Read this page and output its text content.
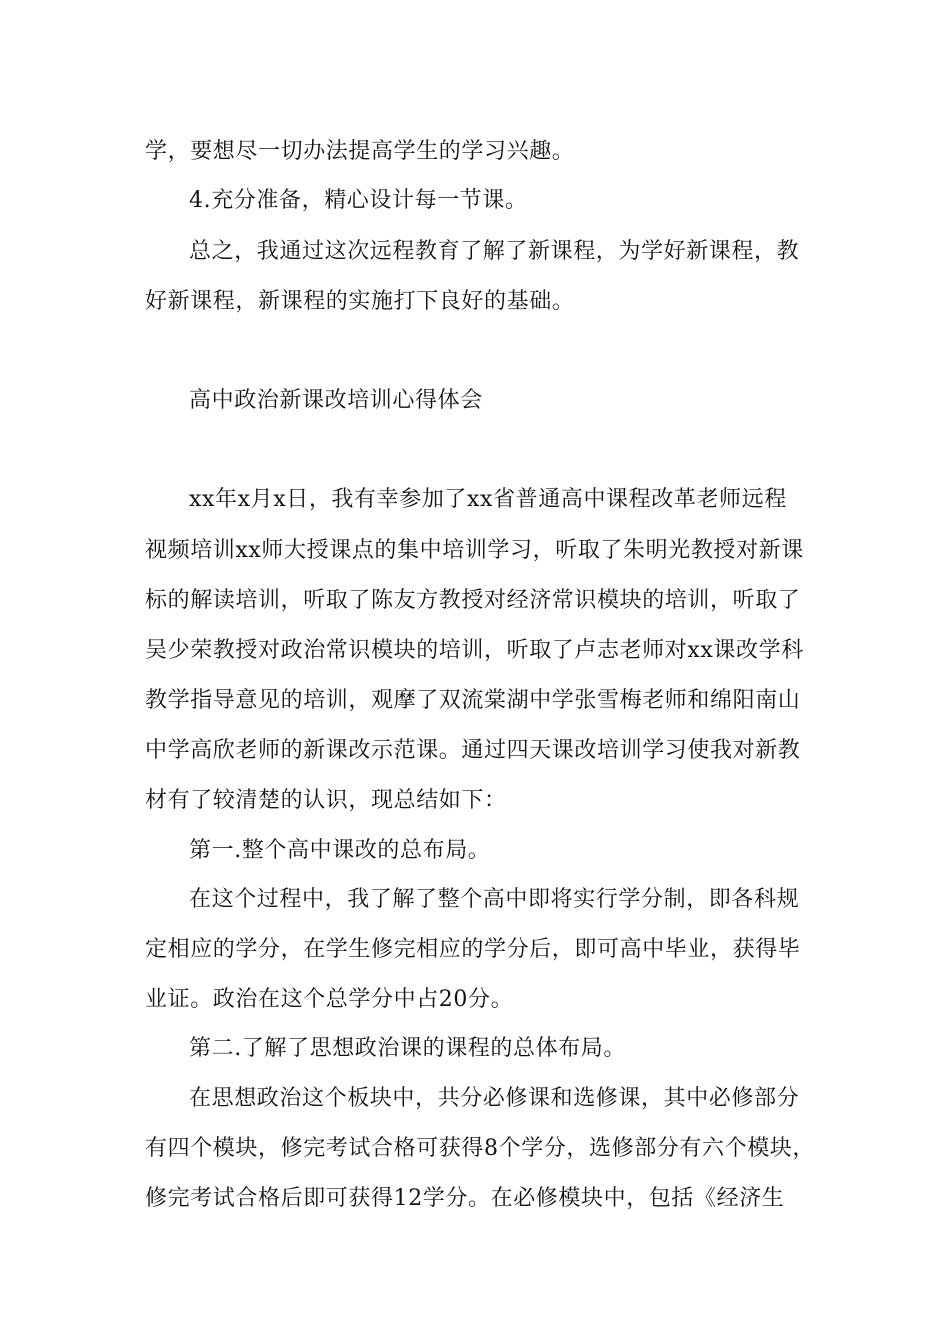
学，要想尽一切办法提高学生的学习兴趣。
4.充分准备，精心设计每一节课。
总之，我通过这次远程教育了解了新课程，为学好新课程，教
好新课程，新课程的实施打下良好的基础。
高中政治新课改培训心得体会
xx年x月x日，我有幸参加了xx省普通高中课程改革老师远程
视频培训xx师大授课点的集中培训学习，听取了朱明光教授对新课
标的解读培训，听取了陈友方教授对经济常识模块的培训，听取了
吴少荣教授对政治常识模块的培训，听取了卢志老师对xx课改学科
教学指导意见的培训，观摩了双流棠湖中学张雪梅老师和绵阳南山
中学高欣老师的新课改示范课。通过四天课改培训学习使我对新教
材有了较清楚的认识，现总结如下：
第一.整个高中课改的总布局。
在这个过程中，我了解了整个高中即将实行学分制，即各科规
定相应的学分，在学生修完相应的学分后，即可高中毕业，获得毕
业证。政治在这个总学分中占20分。
第二.了解了思想政治课的课程的总体布局。
在思想政治这个板块中，共分必修课和选修课，其中必修部分
有四个模块，修完考试合格可获得8个学分，选修部分有六个模块，
修完考试合格后即可获得12学分。在必修模块中，包括《经济生
